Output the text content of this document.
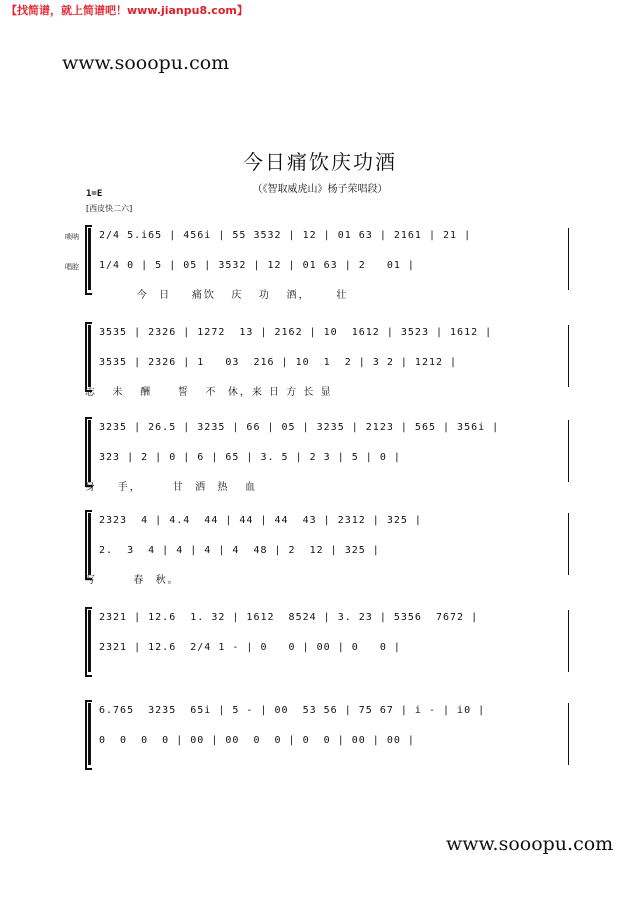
【找简谱，就上简谱吧！www.jianpu8.com】
www.sooopu.com
今日痛饮庆功酒
（《智取威虎山》杨子荣唱段）
1=E
[西皮快二六]
唢呐
唱腔
2/4 5.i65 | 456i | 55 3532 | 12 | 01 63 | 2161 | 21 |
1/4 0 | 5 | 05 | 3532 | 12 | 01 63 | 2   01 |
今  日    痛饮   庆   功   酒，     壮
3535 | 2326 | 1272  13 | 2162 | 10  1612 | 3523 | 1612 |
3535 | 2326 | 1   03  216 | 10  1  2 | 3 2 | 1212 |
志   未   酬     誓   不  休，来 日 方 长 显
3235 | 26.5 | 3235 | 66 | 05 | 3235 | 2123 | 565 | 356i |
323 | 2 | 0 | 6 | 65 | 3. 5 | 2 3 | 5 | 0 |
身    手，      甘  洒  热   血
2323  4 | 4.4  44 | 44 | 44  43 | 2312 | 325 |
2.  3  4 | 4 | 4 | 4  48 | 2  12 | 325 |
写       春  秋。
2321 | 12.6  1. 32 | 1612  8524 | 3. 23 | 5356  7672 |
2321 | 12.6  2/4 1 - | 0   0 | 00 | 0   0 |
6.765  3235  65i | 5 - | 00  53 56 | 75 67 | i - | i0 |
0  0  0  0 | 00 | 00  0  0 | 0  0 | 00 | 00 |
www.sooopu.com
